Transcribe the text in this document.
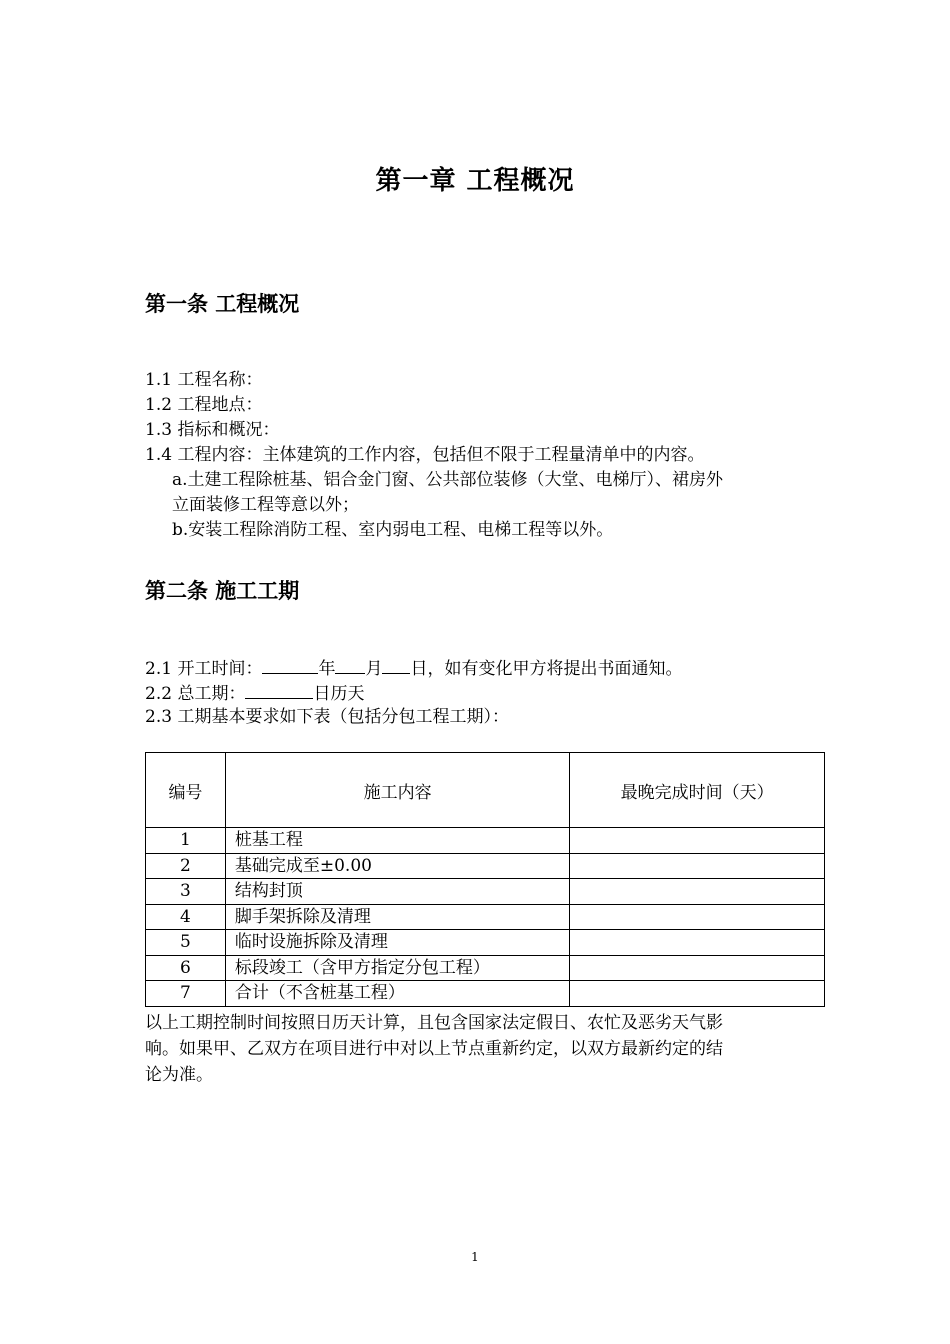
第一章 工程概况
第一条 工程概况
1.1 工程名称：
1.2 工程地点：
1.3 指标和概况：
1.4 工程内容：主体建筑的工作内容，包括但不限于工程量清单中的内容。
a.土建工程除桩基、铝合金门窗、公共部位装修（大堂、电梯厅）、裙房外
立面装修工程等意以外；
b.安装工程除消防工程、室内弱电工程、电梯工程等以外。
第二条 施工工期
2.1 开工时间：	年 月 日，如有变化甲方将提出书面通知。
2.2 总工期：	日历天
2.3 工期基本要求如下表（包括分包工程工期）：
编号	施工内容	最晚完成时间（天）
1	桩基工程	
2	基础完成至±0.00	
3	结构封顶	
4	脚手架拆除及清理	
5	临时设施拆除及清理	
6	标段竣工（含甲方指定分包工程）	
7	合计（不含桩基工程）	
以上工期控制时间按照日历天计算，且包含国家法定假日、农忙及恶劣天气影
响。如果甲、乙双方在项目进行中对以上节点重新约定，以双方最新约定的结
论为准。
1
